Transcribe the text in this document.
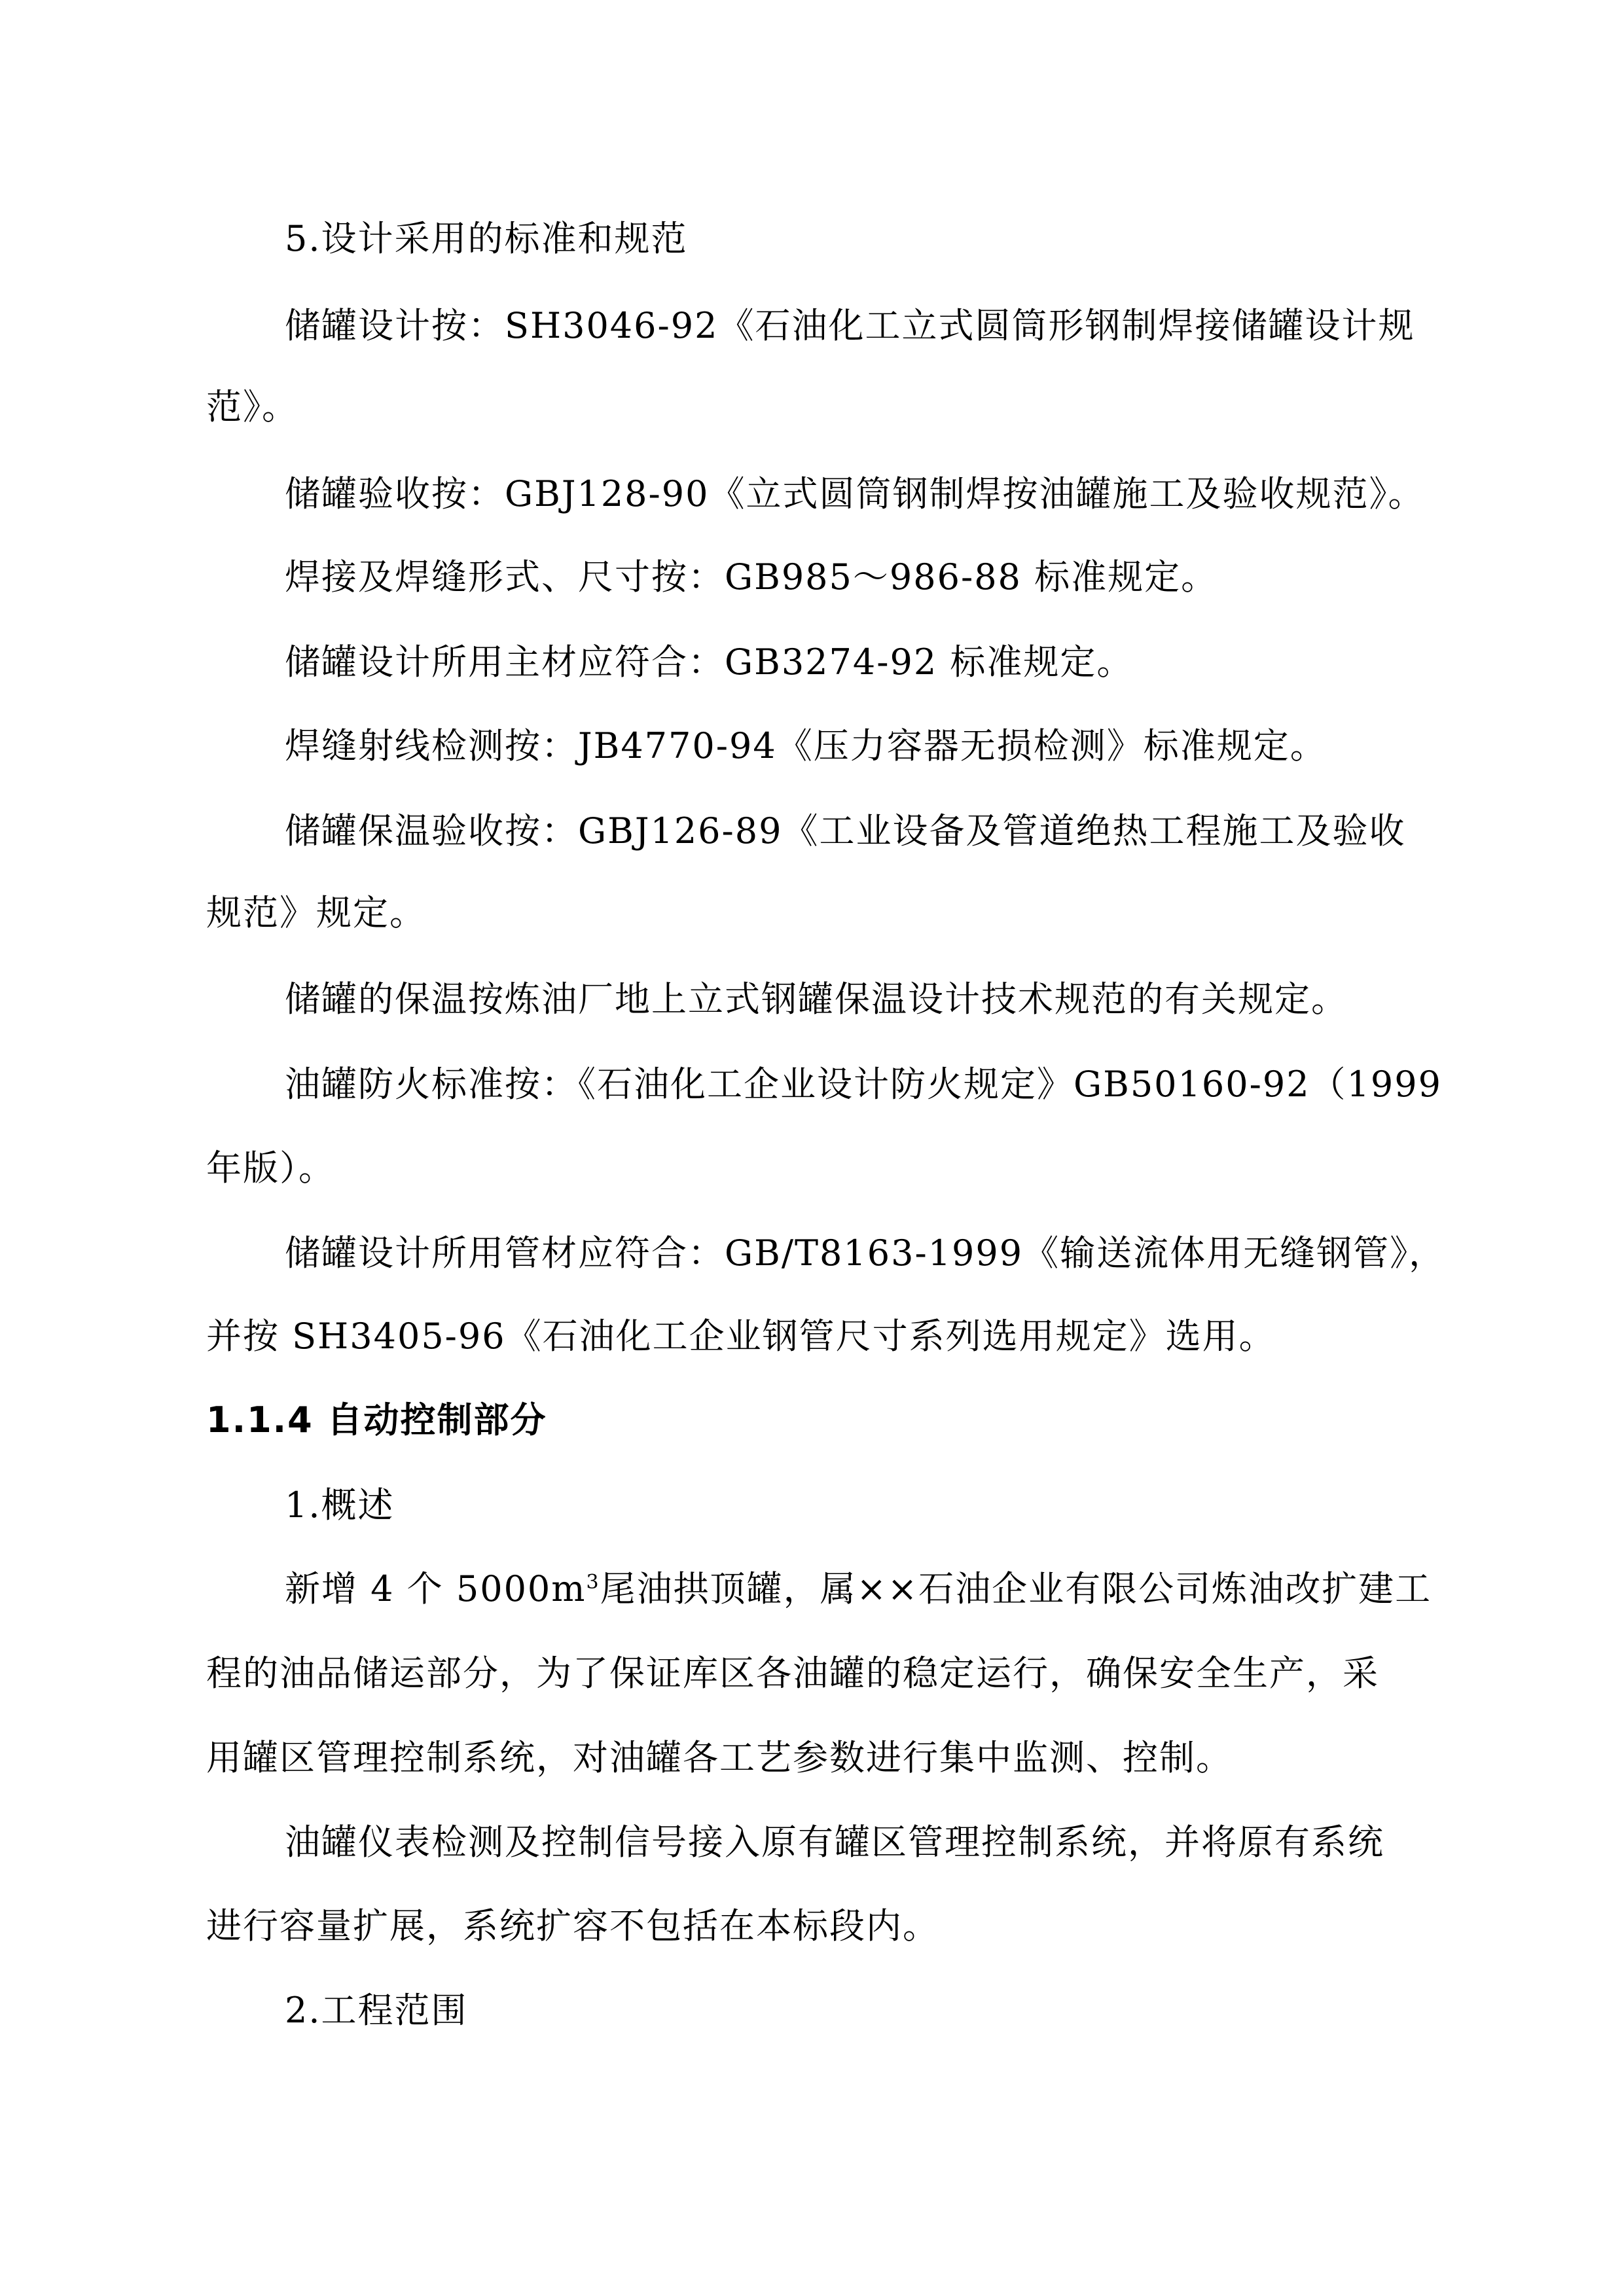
5.设计采用的标准和规范
储罐设计按：SH3046-92《石油化工立式圆筒形钢制焊接储罐设计规
范》。
储罐验收按：GBJ128-90《立式圆筒钢制焊按油罐施工及验收规范》。
焊接及焊缝形式、尺寸按：GB985～986-88 标准规定。
储罐设计所用主材应符合：GB3274-92 标准规定。
焊缝射线检测按：JB4770-94《压力容器无损检测》标准规定。
储罐保温验收按：GBJ126-89《工业设备及管道绝热工程施工及验收
规范》规定。
储罐的保温按炼油厂地上立式钢罐保温设计技术规范的有关规定。
油罐防火标准按：《石油化工企业设计防火规定》GB50160-92（1999
年版）。
储罐设计所用管材应符合：GB/T8163-1999《输送流体用无缝钢管》，
并按 SH3405-96《石油化工企业钢管尺寸系列选用规定》选用。
1.1.4 自动控制部分
1.概述
新增 4 个 $5000m^3$尾油拱顶罐，属××石油企业有限公司炼油改扩建工
程的油品储运部分，为了保证库区各油罐的稳定运行，确保安全生产，采
用罐区管理控制系统，对油罐各工艺参数进行集中监测、控制。
油罐仪表检测及控制信号接入原有罐区管理控制系统，并将原有系统
进行容量扩展，系统扩容不包括在本标段内。
2.工程范围
